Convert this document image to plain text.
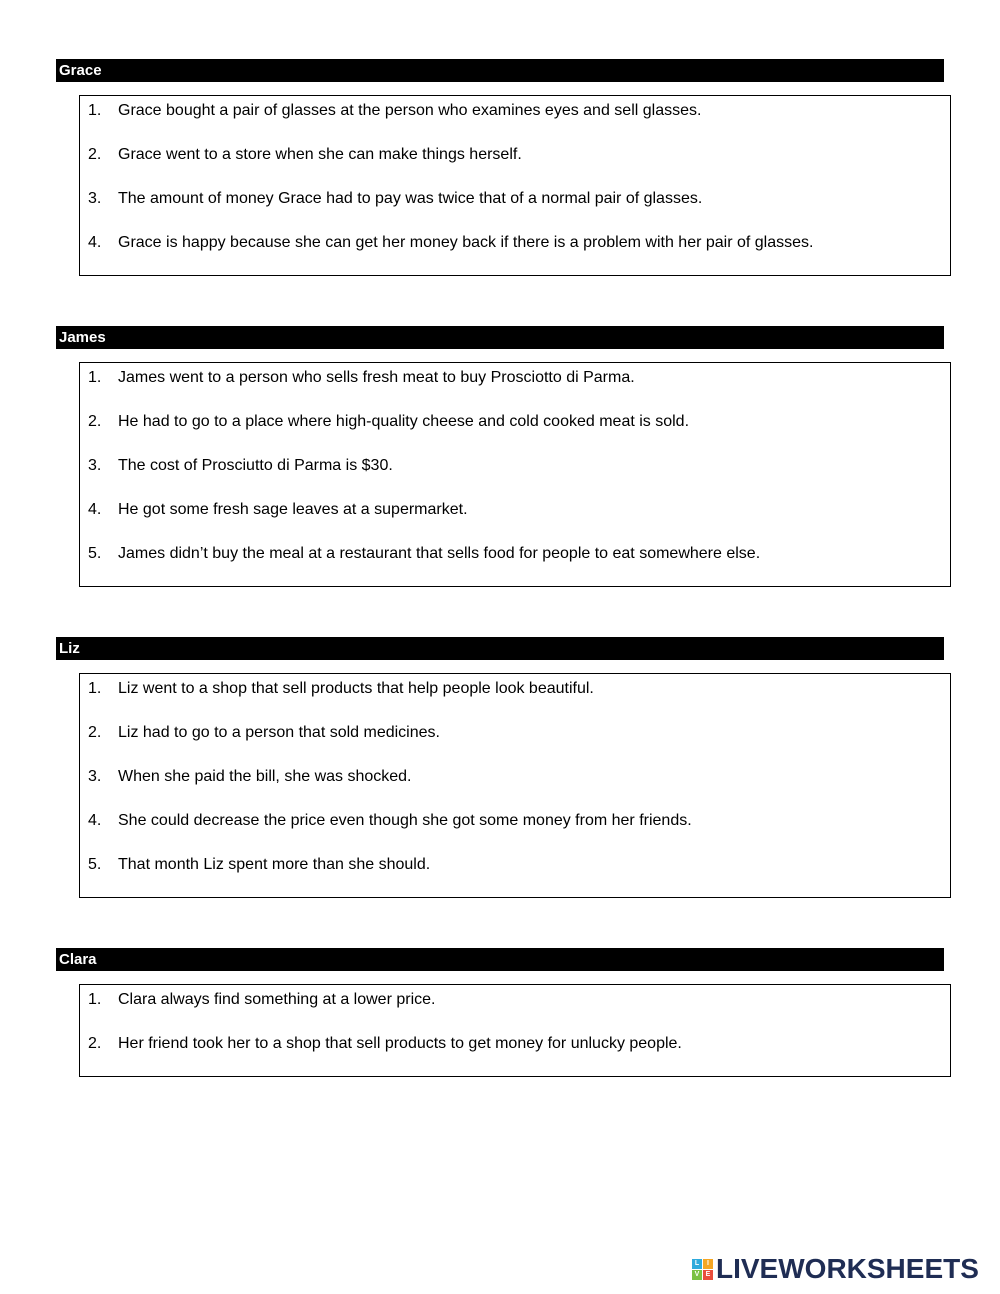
Grace
1. Grace bought a pair of glasses at the person who examines eyes and sell glasses.
2. Grace went to a store when she can make things herself.
3. The amount of money Grace had to pay was twice that of a normal pair of glasses.
4. Grace is happy because she can get her money back if there is a problem with her pair of glasses.
James
1. James went to a person who sells fresh meat to buy Prosciotto di Parma.
2. He had to go to a place where high-quality cheese and cold cooked meat is sold.
3. The cost of Prosciutto di Parma is $30.
4. He got some fresh sage leaves at a supermarket.
5. James didn’t buy the meal at a restaurant that sells food for people to eat somewhere else.
Liz
1. Liz went to a shop that sell products that help people look beautiful.
2. Liz had to go to a person that sold medicines.
3. When she paid the bill, she was shocked.
4. She could decrease the price even though she got some money from her friends.
5. That month Liz spent more than she should.
Clara
1. Clara always find something at a lower price.
2. Her friend took her to a shop that sell products to get money for unlucky people.
L	I
V E LIVEWORKSHEETS
